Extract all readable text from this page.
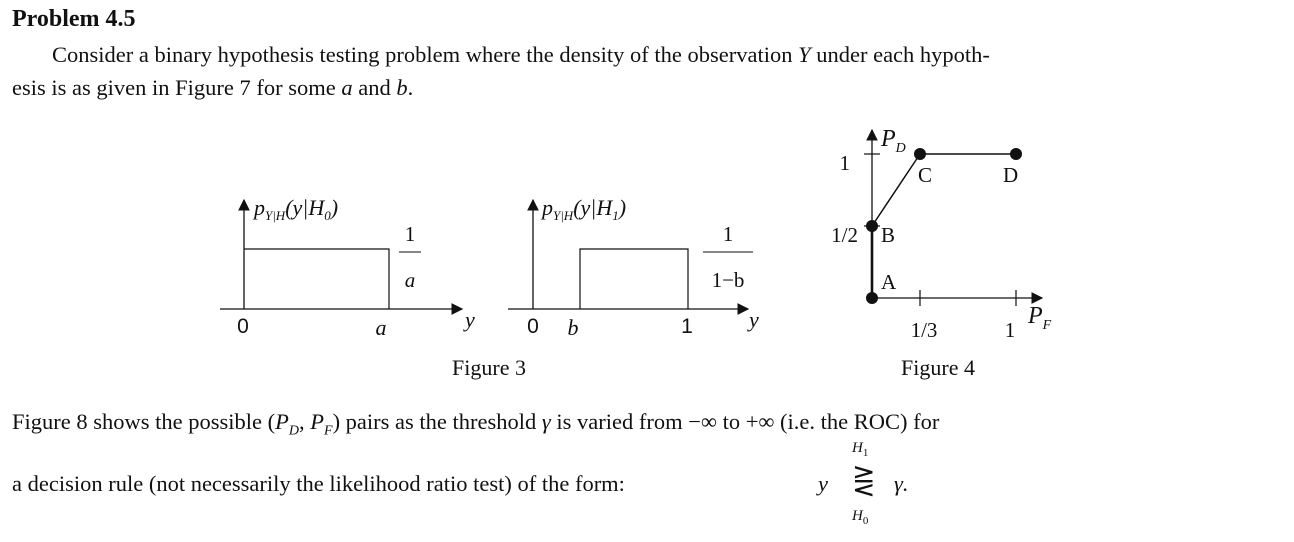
Problem 4.5
Consider a binary hypothesis testing problem where the density of the observation Y under each hypoth-
esis is as given in Figure 7 for some a and b.
$p_{Y|H}(y|H_0)$
1
a
0	a	y
$p_{Y|H}(y|H_1)$
1
1−b
0 b	1	y
Figure 3
$P_D$
$P_F$
1
1/2
1/3	1
A
B
C	D
Figure 4
Figure 8 shows the possible ($P_D$, $P_F$) pairs as the threshold γ is varied from −∞ to +∞ (i.e. the ROC) for
$H_1$
a decision rule (not necessarily the likelihood ratio test) of the form:	y ⋛ γ.
$H_0$
